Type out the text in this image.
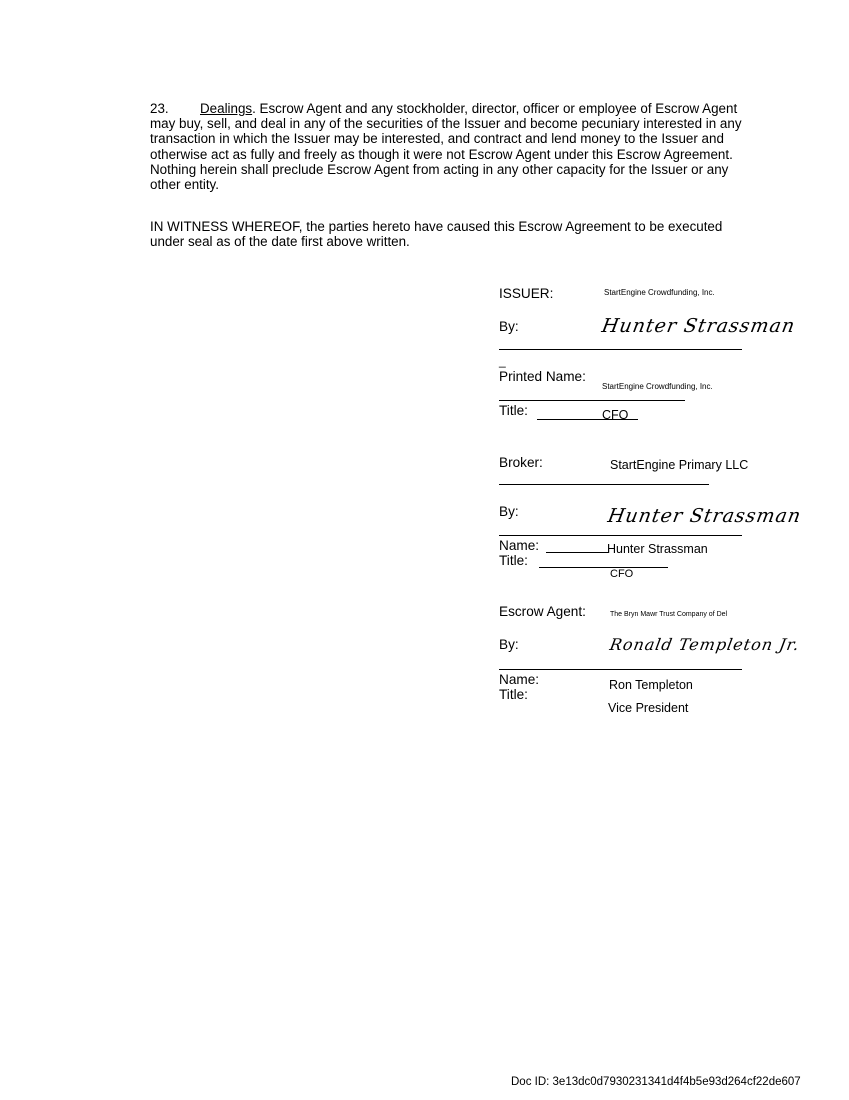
23. Dealings. Escrow Agent and any stockholder, director, officer or employee of Escrow Agent may buy, sell, and deal in any of the securities of the Issuer and become pecuniary interested in any transaction in which the Issuer may be interested, and contract and lend money to the Issuer and otherwise act as fully and freely as though it were not Escrow Agent under this Escrow Agreement. Nothing herein shall preclude Escrow Agent from acting in any other capacity for the Issuer or any other entity.
IN WITNESS WHEREOF, the parties hereto have caused this Escrow Agreement to be executed under seal as of the date first above written.
ISSUER:	StartEngine Crowdfunding, Inc.
By:	Hunter Strassman
_
Printed Name:
StartEngine Crowdfunding, Inc.
Title:	CFO
Broker:	StartEngine Primary LLC
By:	Hunter Strassman
Name:	Hunter Strassman
Title:
CFO
Escrow Agent:	The Bryn Mawr Trust Company of Del
By:	Ronald Templeton Jr.
Name:	Ron Templeton
Title:
Vice President
Doc ID: 3e13dc0d7930231341d4f4b5e93d264cf22de607
